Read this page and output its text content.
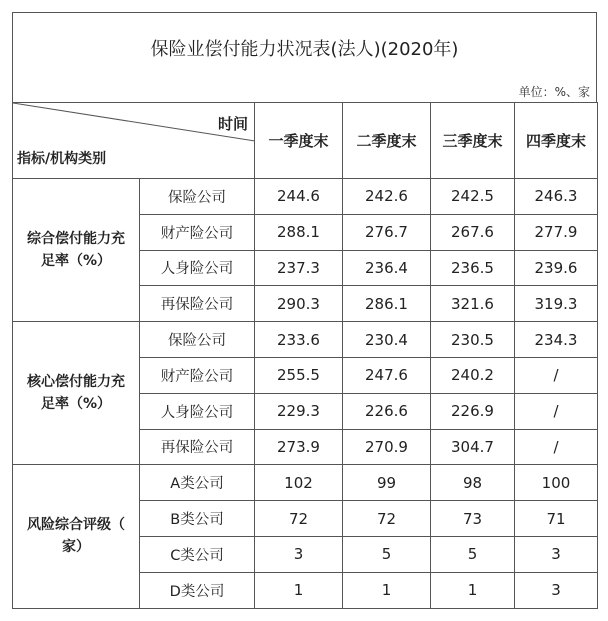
保险业偿付能力状况表(法人)(2020年)
单位：%、家
时间
指标/机构类别		一季度末	二季度末	三季度末	四季度末
综合偿付能力充
足率（%）	保险公司	244.6	242.6	242.5	246.3
	财产险公司	288.1	276.7	267.6	277.9
	人身险公司	237.3	236.4	236.5	239.6
	再保险公司	290.3	286.1	321.6	319.3
核心偿付能力充
足率（%）	保险公司	233.6	230.4	230.5	234.3
	财产险公司	255.5	247.6	240.2	/
	人身险公司	229.3	226.6	226.9	/
	再保险公司	273.9	270.9	304.7	/
风险综合评级（
家）	A类公司	102	99	98	100
	B类公司	72	72	73	71
	C类公司	3	5	5	3
	D类公司	1	1	1	3
